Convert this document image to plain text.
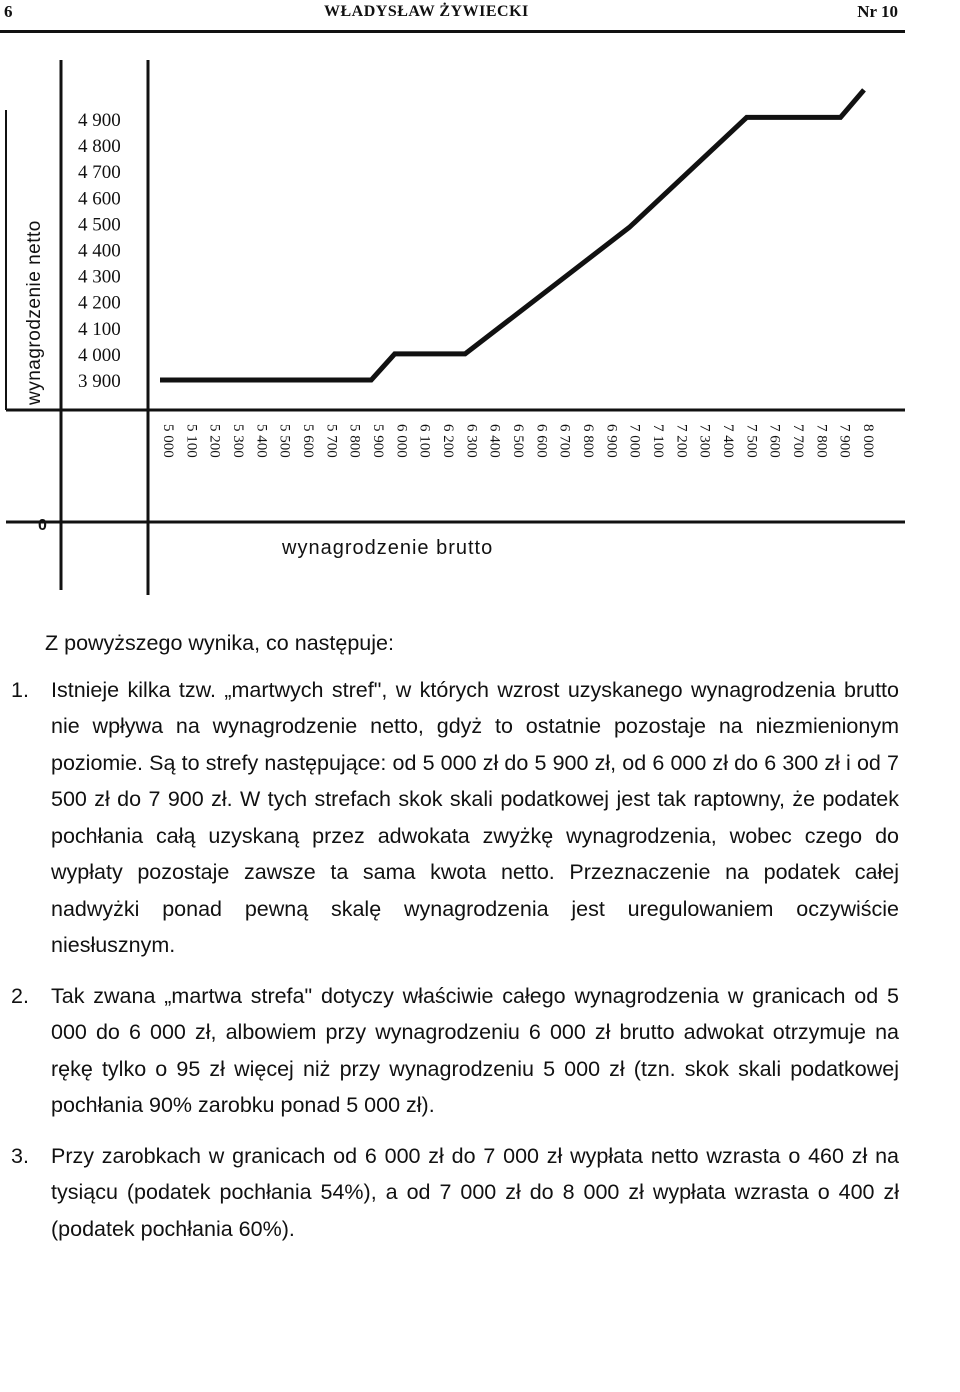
6	WŁADYSŁAW ŻYWIECKI	Nr 10
0
wynagrodzenie netto
wynagrodzenie brutto
4 900
4 800
4 700
4 600
4 500
4 400
4 300
4 200
4 100
4 000
3 900
5 000 5 100 5 200 5 300 5 400 5 500 5 600 5 700 5 800 5 900 6 000 6 100 6 200 6 300 6 400 6 500 6 600 6 700 6 800 6 900 7 000 7 100 7 200 7 300 7 400 7 500 7 600 7 700 7 800 7 900 8 000

Z powyższego wynika, co następuje:

1. Istnieje kilka tzw. „martwych stref", w których wzrost uzyskanego wynagrodzenia brutto nie wpływa na wynagrodzenie netto, gdyż to ostatnie pozostaje na niezmienionym poziomie. Są to strefy następujące: od 5 000 zł do 5 900 zł, od 6 000 zł do 6 300 zł i od 7 500 zł do 7 900 zł. W tych strefach skok skali podatkowej jest tak raptowny, że podatek pochłania całą uzyskaną przez adwokata zwyżkę wynagrodzenia, wobec czego do wypłaty pozostaje zawsze ta sama kwota netto. Przeznaczenie na podatek całej nadwyżki ponad pewną skalę wynagrodzenia jest uregulowaniem oczywiście niesłusznym.

2. Tak zwana „martwa strefa" dotyczy właściwie całego wynagrodzenia w granicach od 5 000 do 6 000 zł, albowiem przy wynagrodzeniu 6 000 zł brutto adwokat otrzymuje na rękę tylko o 95 zł więcej niż przy wynagrodzeniu 5 000 zł (tzn. skok skali podatkowej pochłania 90% zarobku ponad 5 000 zł).

3. Przy zarobkach w granicach od 6 000 zł do 7 000 zł wypłata netto wzrasta o 460 zł na tysiącu (podatek pochłania 54%), a od 7 000 zł do 8 000 zł wypłata wzrasta o 400 zł (podatek pochłania 60%).
